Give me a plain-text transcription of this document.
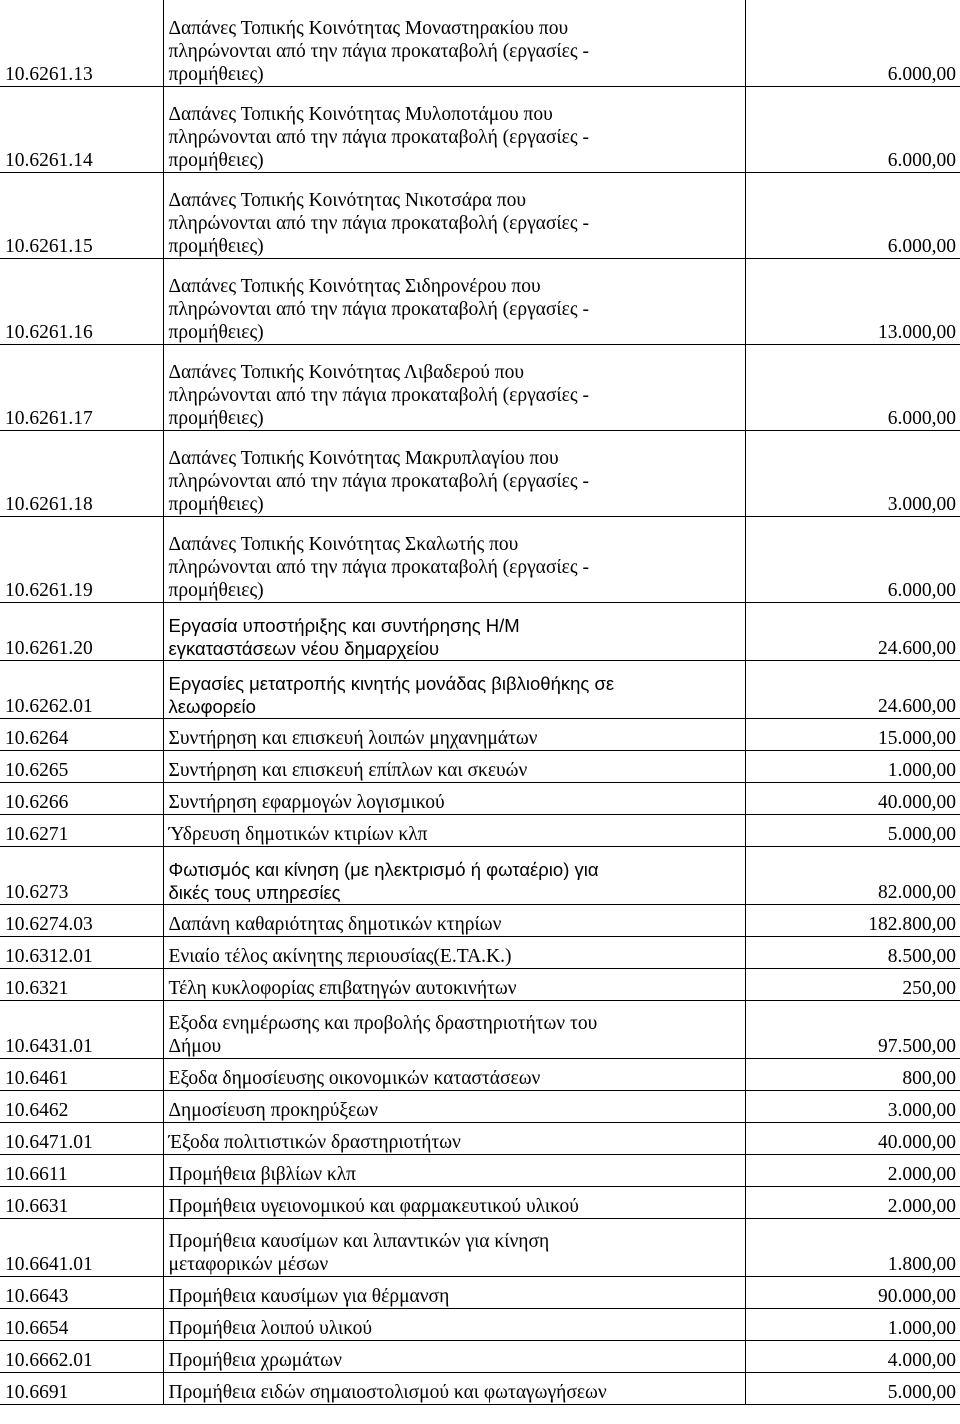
10.6261.13	Δαπάνες Τοπικής Κοινότητας Μοναστηρακίου που
πληρώνονται από την πάγια προκαταβολή (εργασίες -
προμήθειες)	6.000,00
10.6261.14	Δαπάνες Τοπικής Κοινότητας Μυλοποτάμου που
πληρώνονται από την πάγια προκαταβολή (εργασίες -
προμήθειες)	6.000,00
10.6261.15	Δαπάνες Τοπικής Κοινότητας Νικοτσάρα που
πληρώνονται από την πάγια προκαταβολή (εργασίες -
προμήθειες)	6.000,00
10.6261.16	Δαπάνες Τοπικής Κοινότητας Σιδηρονέρου που
πληρώνονται από την πάγια προκαταβολή (εργασίες -
προμήθειες)	13.000,00
10.6261.17	Δαπάνες Τοπικής Κοινότητας Λιβαδερού που
πληρώνονται από την πάγια προκαταβολή (εργασίες -
προμήθειες)	6.000,00
10.6261.18	Δαπάνες Τοπικής Κοινότητας Μακρυπλαγίου που
πληρώνονται από την πάγια προκαταβολή (εργασίες -
προμήθειες)	3.000,00
10.6261.19	Δαπάνες Τοπικής Κοινότητας Σκαλωτής που
πληρώνονται από την πάγια προκαταβολή (εργασίες -
προμήθειες)	6.000,00
10.6261.20	Εργασία υποστήριξης και συντήρησης Η/Μ
εγκαταστάσεων νέου δημαρχείου	24.600,00
10.6262.01	Εργασίες μετατροπής κινητής μονάδας βιβλιοθήκης σε
λεωφορείο	24.600,00
10.6264	Συντήρηση και επισκευή λοιπών μηχανημάτων	15.000,00
10.6265	Συντήρηση και επισκευή επίπλων και σκευών	1.000,00
10.6266	Συντήρηση εφαρμογών λογισμικού	40.000,00
10.6271	Ύδρευση δημοτικών κτιρίων κλπ	5.000,00
10.6273	Φωτισμός και κίνηση (με ηλεκτρισμό ή φωταέριο) για
δικές τους υπηρεσίες	82.000,00
10.6274.03	Δαπάνη καθαριότητας δημοτικών κτηρίων	182.800,00
10.6312.01	Ενιαίο τέλος ακίνητης περιουσίας(Ε.ΤΑ.Κ.)	8.500,00
10.6321	Τέλη κυκλοφορίας επιβατηγών αυτοκινήτων	250,00
10.6431.01	Εξοδα ενημέρωσης και προβολής δραστηριοτήτων του
Δήμου	97.500,00
10.6461	Εξοδα δημοσίευσης οικονομικών καταστάσεων	800,00
10.6462	Δημοσίευση προκηρύξεων	3.000,00
10.6471.01	Έξοδα πολιτιστικών δραστηριοτήτων	40.000,00
10.6611	Προμήθεια βιβλίων κλπ	2.000,00
10.6631	Προμήθεια υγειονομικού και φαρμακευτικού υλικού	2.000,00
10.6641.01	Προμήθεια καυσίμων και λιπαντικών για κίνηση
μεταφορικών μέσων	1.800,00
10.6643	Προμήθεια καυσίμων για θέρμανση	90.000,00
10.6654	Προμήθεια λοιπού υλικού	1.000,00
10.6662.01	Προμήθεια χρωμάτων	4.000,00
10.6691	Προμήθεια ειδών σημαιοστολισμού και φωταγωγήσεων	5.000,00
